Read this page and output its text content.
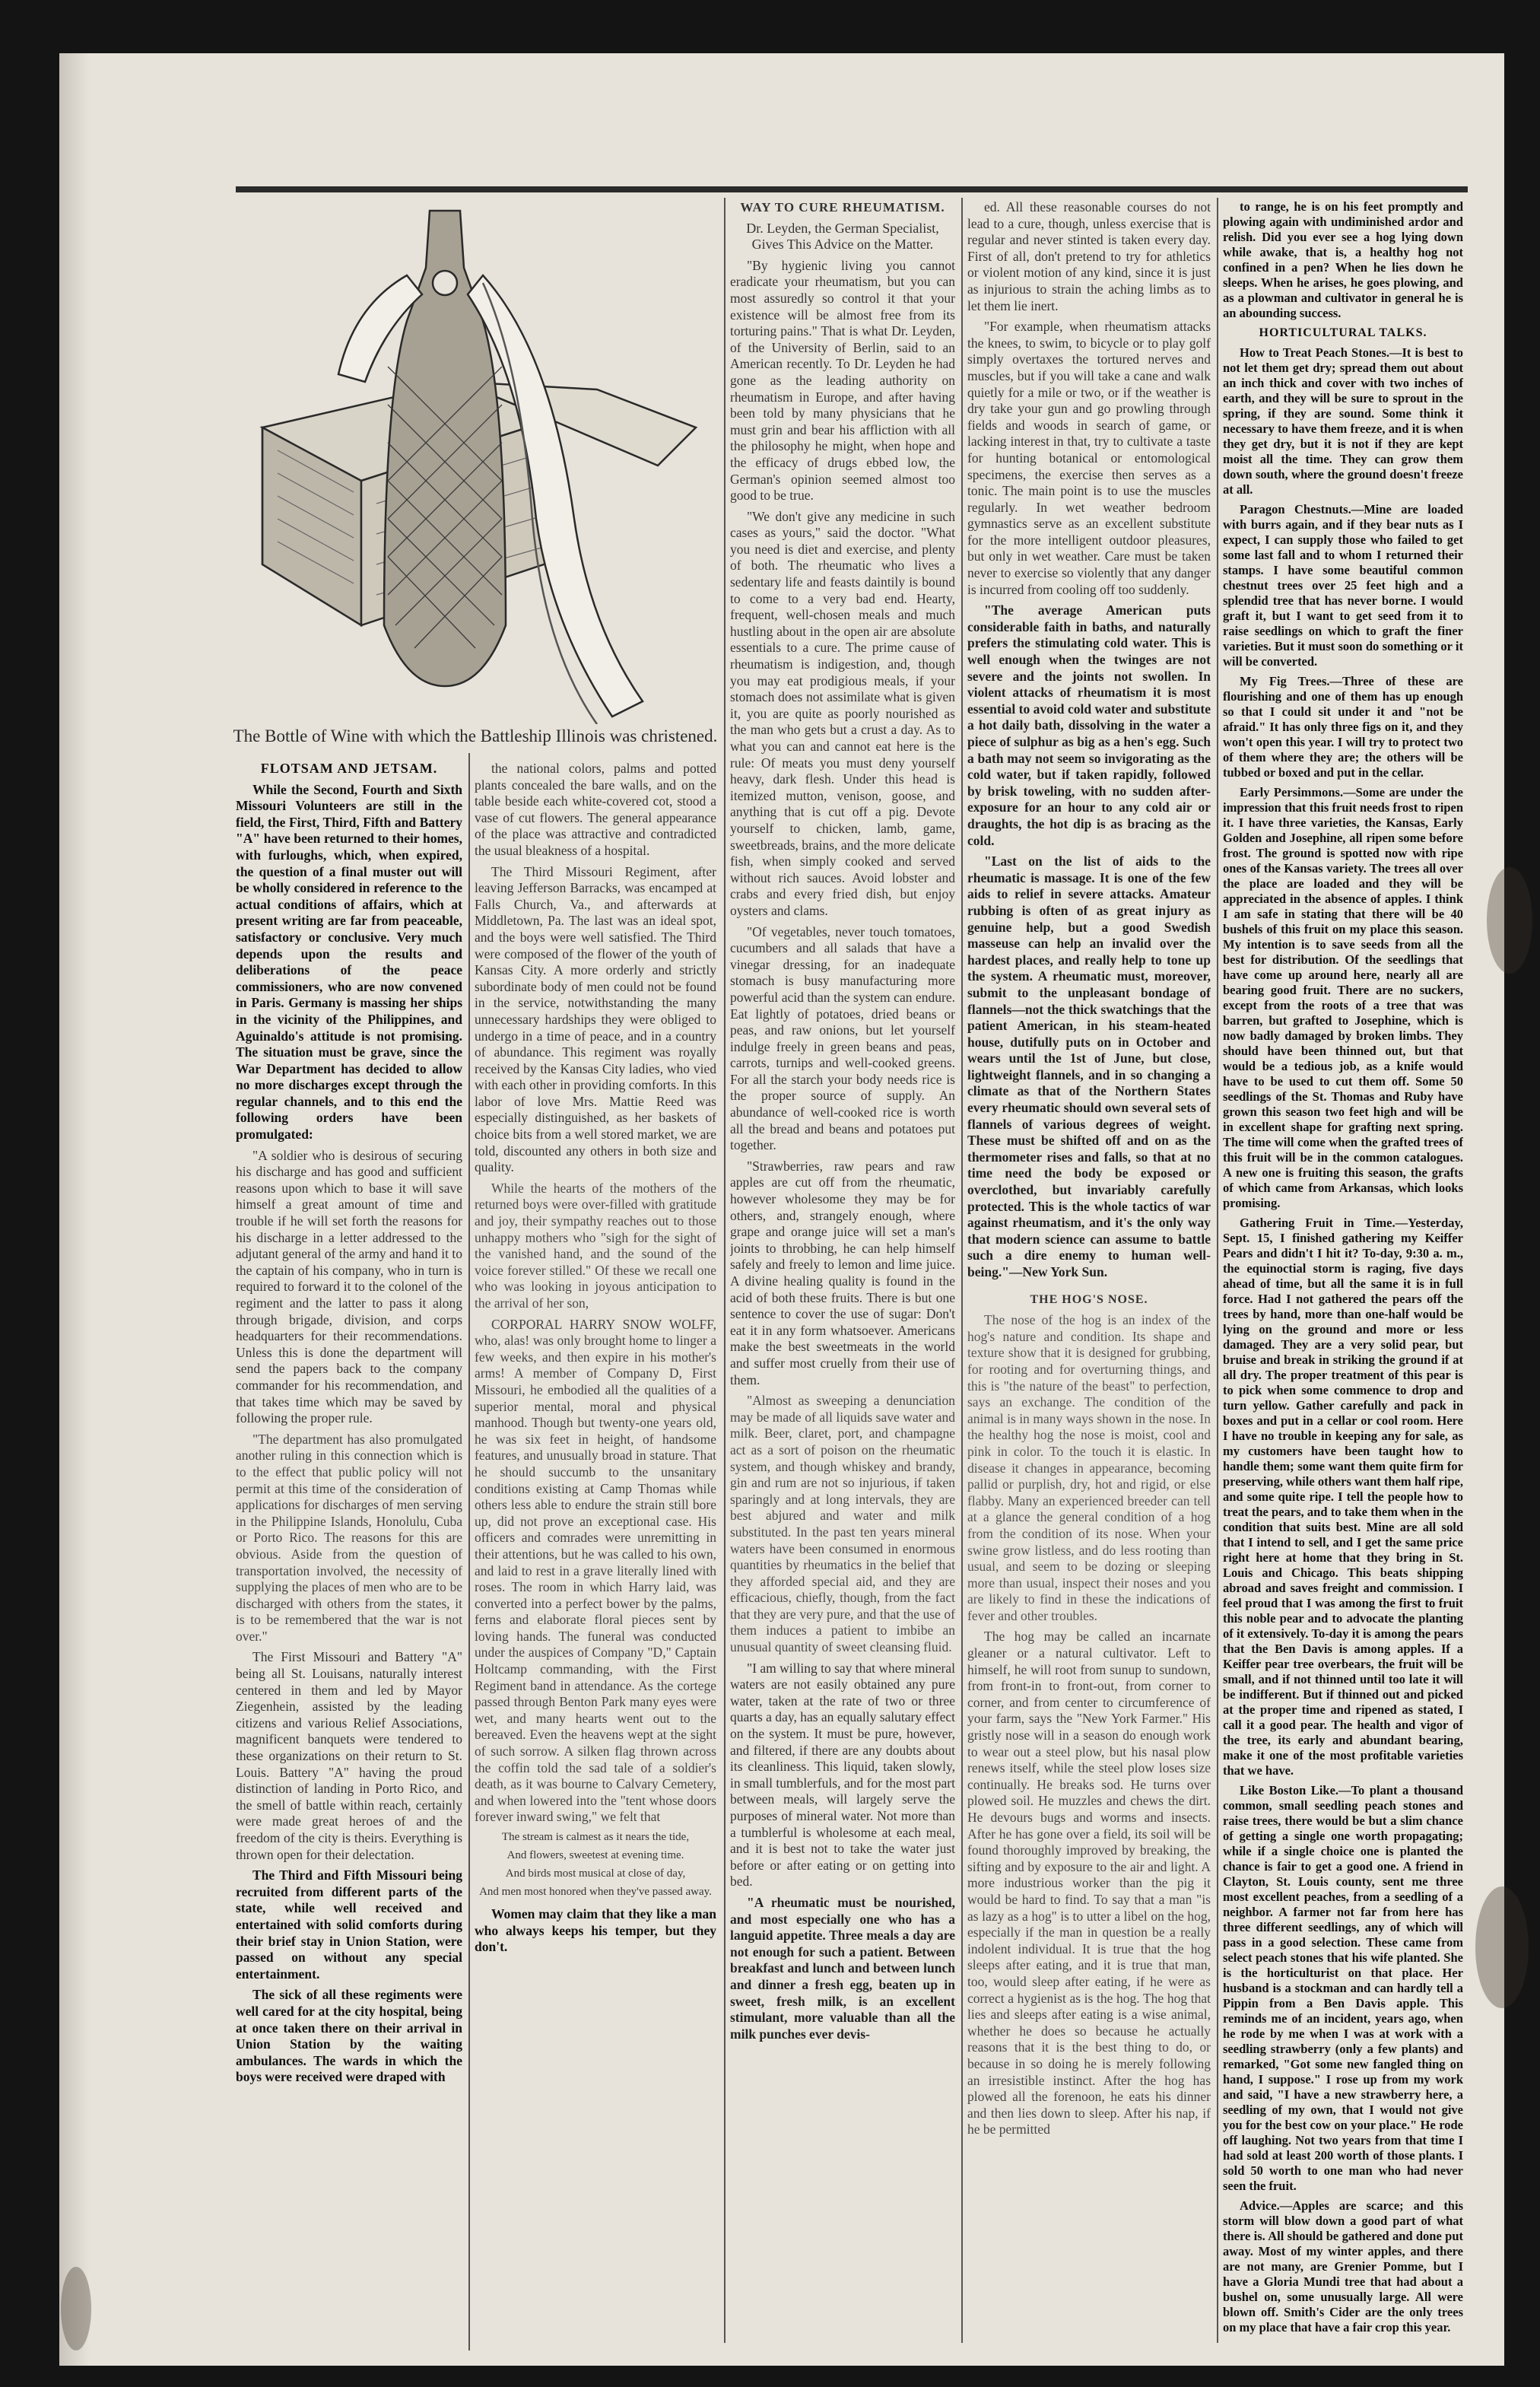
The Bottle of Wine with which the Battleship Illinois was christened.

FLOTSAM AND JETSAM.

While the Second, Fourth and Sixth Missouri Volunteers are still in the field, the First, Third, Fifth and Battery "A" have been returned to their homes, with furloughs, which, when expired, the question of a final muster out will be wholly considered in reference to the actual conditions of affairs, which at present writing are far from peaceable, satisfactory or conclusive. Very much depends upon the results and deliberations of the peace commissioners, who are now convened in Paris. Germany is massing her ships in the vicinity of the Philippines, and Aguinaldo's attitude is not promising. The situation must be grave, since the War Department has decided to allow no more discharges except through the regular channels, and to this end the following orders have been promulgated:

"A soldier who is desirous of securing his discharge and has good and sufficient reasons upon which to base it will save himself a great amount of time and trouble if he will set forth the reasons for his discharge in a letter addressed to the adjutant general of the army and hand it to the captain of his company, who in turn is required to forward it to the colonel of the regiment and the latter to pass it along through brigade, division, and corps headquarters for their recommendations. Unless this is done the department will send the papers back to the company commander for his recommendation, and that takes time which may be saved by following the proper rule.

"The department has also promulgated another ruling in this connection which is to the effect that public policy will not permit at this time of the consideration of applications for discharges of men serving in the Philippine Islands, Honolulu, Cuba or Porto Rico. The reasons for this are obvious. Aside from the question of transportation involved, the necessity of supplying the places of men who are to be discharged with others from the states, it is to be remembered that the war is not over."

The First Missouri and Battery "A" being all St. Louisans, naturally interest centered in them and led by Mayor Ziegenhein, assisted by the leading citizens and various Relief Associations, magnificent banquets were tendered to these organizations on their return to St. Louis. Battery "A" having the proud distinction of landing in Porto Rico, and the smell of battle within reach, certainly were made great heroes of and the freedom of the city is theirs. Everything is thrown open for their delectation.

The Third and Fifth Missouri being recruited from different parts of the state, while well received and entertained with solid comforts during their brief stay in Union Station, were passed on without any special entertainment.

The sick of all these regiments were well cared for at the city hospital, being at once taken there on their arrival in Union Station by the waiting ambulances. The wards in which the boys were received were draped with

the national colors, palms and potted plants concealed the bare walls, and on the table beside each white-covered cot, stood a vase of cut flowers. The general appearance of the place was attractive and contradicted the usual bleakness of a hospital.

The Third Missouri Regiment, after leaving Jefferson Barracks, was encamped at Falls Church, Va., and afterwards at Middletown, Pa. The last was an ideal spot, and the boys were well satisfied. The Third were composed of the flower of the youth of Kansas City. A more orderly and strictly subordinate body of men could not be found in the service, notwithstanding the many unnecessary hardships they were obliged to undergo in a time of peace, and in a country of abundance. This regiment was royally received by the Kansas City ladies, who vied with each other in providing comforts. In this labor of love Mrs. Mattie Reed was especially distinguished, as her baskets of choice bits from a well stored market, we are told, discounted any others in both size and quality.

While the hearts of the mothers of the returned boys were over-filled with gratitude and joy, their sympathy reaches out to those unhappy mothers who "sigh for the sight of the vanished hand, and the sound of the voice forever stilled." Of these we recall one who was looking in joyous anticipation to the arrival of her son,

CORPORAL HARRY SNOW WOLFF, who, alas! was only brought home to linger a few weeks, and then expire in his mother's arms! A member of Company D, First Missouri, he embodied all the qualities of a superior mental, moral and physical manhood. Though but twenty-one years old, he was six feet in height, of handsome features, and unusually broad in stature. That he should succumb to the unsanitary conditions existing at Camp Thomas while others less able to endure the strain still bore up, did not prove an exceptional case. His officers and comrades were unremitting in their attentions, but he was called to his own, and laid to rest in a grave literally lined with roses. The room in which Harry laid, was converted into a perfect bower by the palms, ferns and elaborate floral pieces sent by loving hands. The funeral was conducted under the auspices of Company "D," Captain Holtcamp commanding, with the First Regiment band in attendance. As the cortege passed through Benton Park many eyes were wet, and many hearts went out to the bereaved. Even the heavens wept at the sight of such sorrow. A silken flag thrown across the coffin told the sad tale of a soldier's death, as it was bourne to Calvary Cemetery, and when lowered into the "tent whose doors forever inward swing," we felt that

The stream is calmest as it nears the tide,

And flowers, sweetest at evening time.

And birds most musical at close of day,

And men most honored when they've passed away.

Women may claim that they like a man who always keeps his temper, but they don't.

WAY TO CURE RHEUMATISM.

Dr. Leyden, the German Specialist, Gives This Advice on the Matter.

"By hygienic living you cannot eradicate your rheumatism, but you can most assuredly so control it that your existence will be almost free from its torturing pains." That is what Dr. Leyden, of the University of Berlin, said to an American recently. To Dr. Leyden he had gone as the leading authority on rheumatism in Europe, and after having been told by many physicians that he must grin and bear his affliction with all the philosophy he might, when hope and the efficacy of drugs ebbed low, the German's opinion seemed almost too good to be true.

"We don't give any medicine in such cases as yours," said the doctor. "What you need is diet and exercise, and plenty of both. The rheumatic who lives a sedentary life and feasts daintily is bound to come to a very bad end. Hearty, frequent, well-chosen meals and much hustling about in the open air are absolute essentials to a cure. The prime cause of rheumatism is indigestion, and, though you may eat prodigious meals, if your stomach does not assimilate what is given it, you are quite as poorly nourished as the man who gets but a crust a day. As to what you can and cannot eat here is the rule: Of meats you must deny yourself heavy, dark flesh. Under this head is itemized mutton, venison, goose, and anything that is cut off a pig. Devote yourself to chicken, lamb, game, sweetbreads, brains, and the more delicate fish, when simply cooked and served without rich sauces. Avoid lobster and crabs and every fried dish, but enjoy oysters and clams.

"Of vegetables, never touch tomatoes, cucumbers and all salads that have a vinegar dressing, for an inadequate stomach is busy manufacturing more powerful acid than the system can endure. Eat lightly of potatoes, dried beans or peas, and raw onions, but let yourself indulge freely in green beans and peas, carrots, turnips and well-cooked greens. For all the starch your body needs rice is the proper source of supply. An abundance of well-cooked rice is worth all the bread and beans and potatoes put together.

"Strawberries, raw pears and raw apples are cut off from the rheumatic, however wholesome they may be for others, and, strangely enough, where grape and orange juice will set a man's joints to throbbing, he can help himself safely and freely to lemon and lime juice. A divine healing quality is found in the acid of both these fruits. There is but one sentence to cover the use of sugar: Don't eat it in any form whatsoever. Americans make the best sweetmeats in the world and suffer most cruelly from their use of them.

"Almost as sweeping a denunciation may be made of all liquids save water and milk. Beer, claret, port, and champagne act as a sort of poison on the rheumatic system, and though whiskey and brandy, gin and rum are not so injurious, if taken sparingly and at long intervals, they are best abjured and water and milk substituted. In the past ten years mineral waters have been consumed in enormous quantities by rheumatics in the belief that they afforded special aid, and they are efficacious, chiefly, though, from the fact that they are very pure, and that the use of them induces a patient to imbibe an unusual quantity of sweet cleansing fluid.

"I am willing to say that where mineral waters are not easily obtained any pure water, taken at the rate of two or three quarts a day, has an equally salutary effect on the system. It must be pure, however, and filtered, if there are any doubts about its cleanliness. This liquid, taken slowly, in small tumblerfuls, and for the most part between meals, will largely serve the purposes of mineral water. Not more than a tumblerful is wholesome at each meal, and it is best not to take the water just before or after eating or on getting into bed.

"A rheumatic must be nourished, and most especially one who has a languid appetite. Three meals a day are not enough for such a patient. Between breakfast and lunch and between lunch and dinner a fresh egg, beaten up in sweet, fresh milk, is an excellent stimulant, more valuable than all the milk punches ever devis-

ed. All these reasonable courses do not lead to a cure, though, unless exercise that is regular and never stinted is taken every day. First of all, don't pretend to try for athletics or violent motion of any kind, since it is just as injurious to strain the aching limbs as to let them lie inert.

"For example, when rheumatism attacks the knees, to swim, to bicycle or to play golf simply overtaxes the tortured nerves and muscles, but if you will take a cane and walk quietly for a mile or two, or if the weather is dry take your gun and go prowling through fields and woods in search of game, or lacking interest in that, try to cultivate a taste for hunting botanical or entomological specimens, the exercise then serves as a tonic. The main point is to use the muscles regularly. In wet weather bedroom gymnastics serve as an excellent substitute for the more intelligent outdoor pleasures, but only in wet weather. Care must be taken never to exercise so violently that any danger is incurred from cooling off too suddenly.

"The average American puts considerable faith in baths, and naturally prefers the stimulating cold water. This is well enough when the twinges are not severe and the joints not swollen. In violent attacks of rheumatism it is most essential to avoid cold water and substitute a hot daily bath, dissolving in the water a piece of sulphur as big as a hen's egg. Such a bath may not seem so invigorating as the cold water, but if taken rapidly, followed by brisk toweling, with no sudden after-exposure for an hour to any cold air or draughts, the hot dip is as bracing as the cold.

"Last on the list of aids to the rheumatic is massage. It is one of the few aids to relief in severe attacks. Amateur rubbing is often of as great injury as genuine help, but a good Swedish masseuse can help an invalid over the hardest places, and really help to tone up the system. A rheumatic must, moreover, submit to the unpleasant bondage of flannels—not the thick swatchings that the patient American, in his steam-heated house, dutifully puts on in October and wears until the 1st of June, but close, lightweight flannels, and in so changing a climate as that of the Northern States every rheumatic should own several sets of flannels of various degrees of weight. These must be shifted off and on as the thermometer rises and falls, so that at no time need the body be exposed or overclothed, but invariably carefully protected. This is the whole tactics of war against rheumatism, and it's the only way that modern science can assume to battle such a dire enemy to human well-being."—New York Sun.

THE HOG'S NOSE.

The nose of the hog is an index of the hog's nature and condition. Its shape and texture show that it is designed for grubbing, for rooting and for overturning things, and this is "the nature of the beast" to perfection, says an exchange. The condition of the animal is in many ways shown in the nose. In the healthy hog the nose is moist, cool and pink in color. To the touch it is elastic. In disease it changes in appearance, becoming pallid or purplish, dry, hot and rigid, or else flabby. Many an experienced breeder can tell at a glance the general condition of a hog from the condition of its nose. When your swine grow listless, and do less rooting than usual, and seem to be dozing or sleeping more than usual, inspect their noses and you are likely to find in these the indications of fever and other troubles.

The hog may be called an incarnate gleaner or a natural cultivator. Left to himself, he will root from sunup to sundown, from front-in to front-out, from corner to corner, and from center to circumference of your farm, says the "New York Farmer." His gristly nose will in a season do enough work to wear out a steel plow, but his nasal plow renews itself, while the steel plow loses size continually. He breaks sod. He turns over plowed soil. He muzzles and chews the dirt. He devours bugs and worms and insects. After he has gone over a field, its soil will be found thoroughly improved by breaking, the sifting and by exposure to the air and light. A more industrious worker than the pig it would be hard to find. To say that a man "is as lazy as a hog" is to utter a libel on the hog, especially if the man in question be a really indolent individual. It is true that the hog sleeps after eating, and it is true that man, too, would sleep after eating, if he were as correct a hygienist as is the hog. The hog that lies and sleeps after eating is a wise animal, whether he does so because he actually reasons that it is the best thing to do, or because in so doing he is merely following an irresistible instinct. After the hog has plowed all the forenoon, he eats his dinner and then lies down to sleep. After his nap, if he be permitted

to range, he is on his feet promptly and plowing again with undiminished ardor and relish. Did you ever see a hog lying down while awake, that is, a healthy hog not confined in a pen? When he lies down he sleeps. When he arises, he goes plowing, and as a plowman and cultivator in general he is an abounding success.

HORTICULTURAL TALKS.

How to Treat Peach Stones.—It is best to not let them get dry; spread them out about an inch thick and cover with two inches of earth, and they will be sure to sprout in the spring, if they are sound. Some think it necessary to have them freeze, and it is when they get dry, but it is not if they are kept moist all the time. They can grow them down south, where the ground doesn't freeze at all.

Paragon Chestnuts.—Mine are loaded with burrs again, and if they bear nuts as I expect, I can supply those who failed to get some last fall and to whom I returned their stamps. I have some beautiful common chestnut trees over 25 feet high and a splendid tree that has never borne. I would graft it, but I want to get seed from it to raise seedlings on which to graft the finer varieties. But it must soon do something or it will be converted.

My Fig Trees.—Three of these are flourishing and one of them has up enough so that I could sit under it and "not be afraid." It has only three figs on it, and they won't open this year. I will try to protect two of them where they are; the others will be tubbed or boxed and put in the cellar.

Early Persimmons.—Some are under the impression that this fruit needs frost to ripen it. I have three varieties, the Kansas, Early Golden and Josephine, all ripen some before frost. The ground is spotted now with ripe ones of the Kansas variety. The trees all over the place are loaded and they will be appreciated in the absence of apples. I think I am safe in stating that there will be 40 bushels of this fruit on my place this season. My intention is to save seeds from all the best for distribution. Of the seedlings that have come up around here, nearly all are bearing good fruit. There are no suckers, except from the roots of a tree that was barren, but grafted to Josephine, which is now badly damaged by broken limbs. They should have been thinned out, but that would be a tedious job, as a knife would have to be used to cut them off. Some 50 seedlings of the St. Thomas and Ruby have grown this season two feet high and will be in excellent shape for grafting next spring. The time will come when the grafted trees of this fruit will be in the common catalogues. A new one is fruiting this season, the grafts of which came from Arkansas, which looks promising.

Gathering Fruit in Time.—Yesterday, Sept. 15, I finished gathering my Keiffer Pears and didn't I hit it? To-day, 9:30 a. m., the equinoctial storm is raging, five days ahead of time, but all the same it is in full force. Had I not gathered the pears off the trees by hand, more than one-half would be lying on the ground and more or less damaged. They are a very solid pear, but bruise and break in striking the ground if at all dry. The proper treatment of this pear is to pick when some commence to drop and turn yellow. Gather carefully and pack in boxes and put in a cellar or cool room. Here I have no trouble in keeping any for sale, as my customers have been taught how to handle them; some want them quite firm for preserving, while others want them half ripe, and some quite ripe. I tell the people how to treat the pears, and to take them when in the condition that suits best. Mine are all sold that I intend to sell, and I get the same price right here at home that they bring in St. Louis and Chicago. This beats shipping abroad and saves freight and commission. I feel proud that I was among the first to fruit this noble pear and to advocate the planting of it extensively. To-day it is among the pears that the Ben Davis is among apples. If a Keiffer pear tree overbears, the fruit will be small, and if not thinned until too late it will be indifferent. But if thinned out and picked at the proper time and ripened as stated, I call it a good pear. The health and vigor of the tree, its early and abundant bearing, make it one of the most profitable varieties that we have.

Like Boston Like.—To plant a thousand common, small seedling peach stones and raise trees, there would be but a slim chance of getting a single one worth propagating; while if a single choice one is planted the chance is fair to get a good one. A friend in Clayton, St. Louis county, sent me three most excellent peaches, from a seedling of a neighbor. A farmer not far from here has three different seedlings, any of which will pass in a good selection. These came from select peach stones that his wife planted. She is the horticulturist on that place. Her husband is a stockman and can hardly tell a Pippin from a Ben Davis apple. This reminds me of an incident, years ago, when he rode by me when I was at work with a seedling strawberry (only a few plants) and remarked, "Got some new fangled thing on hand, I suppose." I rose up from my work and said, "I have a new strawberry here, a seedling of my own, that I would not give you for the best cow on your place." He rode off laughing. Not two years from that time I had sold at least 200 worth of those plants. I sold 50 worth to one man who had never seen the fruit.

Advice.—Apples are scarce; and this storm will blow down a good part of what there is. All should be gathered and done put away. Most of my winter apples, and there are not many, are Grenier Pomme, but I have a Gloria Mundi tree that had about a bushel on, some unusually large. All were blown off. Smith's Cider are the only trees on my place that have a fair crop this year.
